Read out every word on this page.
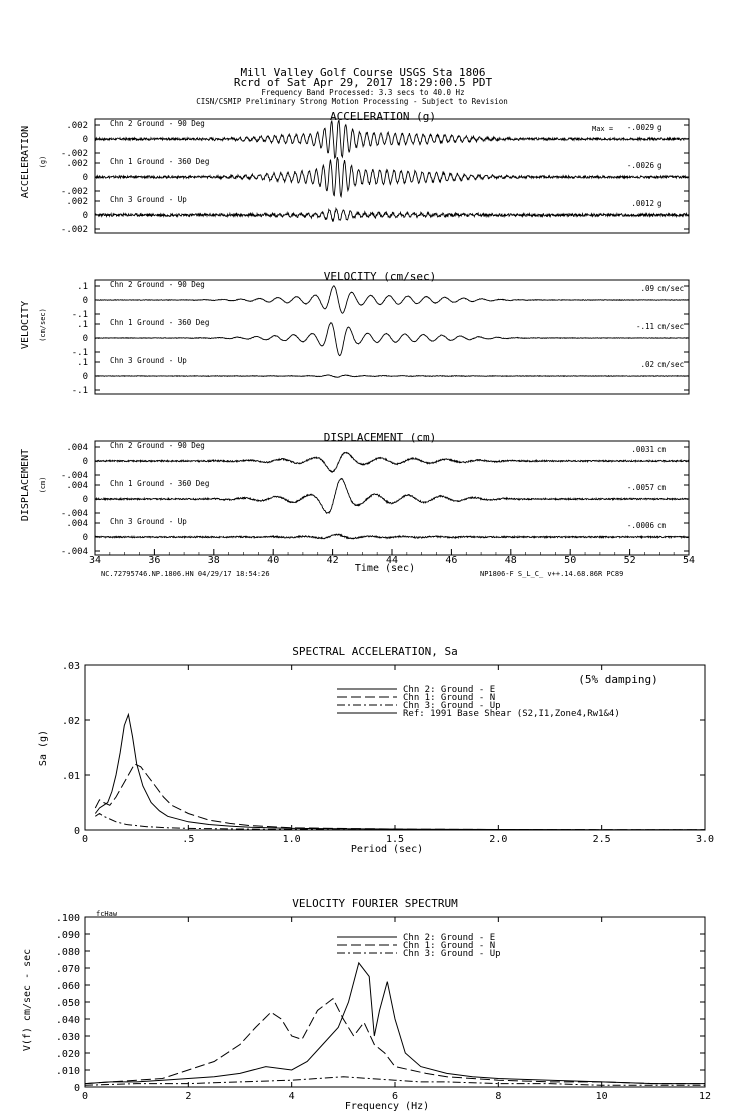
Mill Valley Golf Course USGS Sta 1806
Rcrd of Sat Apr 29, 2017 18:29:00.5 PDT
Frequency Band Processed: 3.3 secs to 40.0 Hz
CISN/CSMIP Preliminary Strong Motion Processing - Subject to Revision
ACCELERATION (g)
ACCELERATION (g)
Max =
.002
0
-.002
Chn 2 Ground - 90 Deg	-.0029 g
.002
0
-.002
Chn 1 Ground - 360 Deg	-.0026 g
.002
0
-.002
Chn 3 Ground - Up	.0012 g
VELOCITY (cm/sec)
VELOCITY (cm/sec)
.1
0
-.1
Chn 2 Ground - 90 Deg	.09 cm/sec
.1
0
-.1
Chn 1 Ground - 360 Deg	-.11 cm/sec
.1
0
-.1
Chn 3 Ground - Up	.02 cm/sec
DISPLACEMENT (cm)
DISPLACEMENT (cm)
.004
0
-.004
Chn 2 Ground - 90 Deg	.0031 cm
.004
0
-.004
Chn 1 Ground - 360 Deg	-.0057 cm
.004
0
-.004
Chn 3 Ground - Up	-.0006 cm
Time (sec)
NC.72795746.NP.1806.HN 04/29/17 18:54:26	NP1806-F S_L_C_ v++.14.68.86R PC89
34	36	38	40	42	44	46	48	50	52	54
SPECTRAL ACCELERATION, Sa
(5% damping)
Period (sec)
Sa (g)
0	.5	1.0	1.5	2.0	2.5	3.0
0
.01
.02
.03
Chn 2: Ground - E
Chn 1: Ground - N
Chn 3: Ground - Up
Ref: 1991 Base Shear (S2,I1,Zone4,Rw1&4)
VELOCITY FOURIER SPECTRUM
fcHaw
Frequency (Hz)
V(f) cm/sec - sec
0	2	4	6	8	10	12
0
.010
.020
.030
.040
.050
.060
.070
.080
.090
.100
Chn 2: Ground - E
Chn 1: Ground - N
Chn 3: Ground - Up
